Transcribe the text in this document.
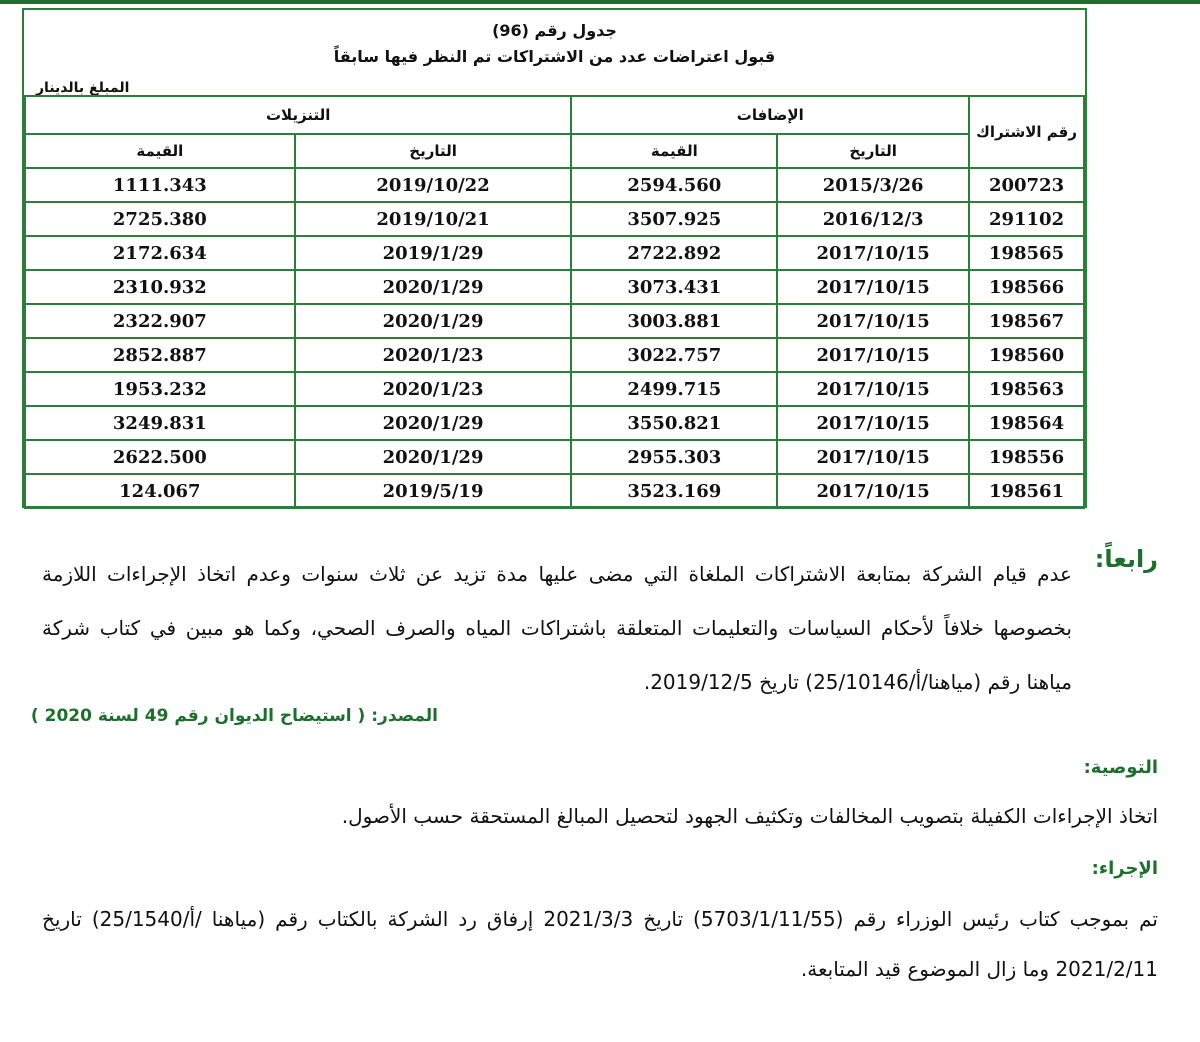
جدول رقم (96)
قبول اعتراضات عدد من الاشتراكات تم النظر فيها سابقاً
المبلغ بالدينار
رقم الاشتراك	الإضافات		التنزيلات	
	التاريخ	القيمة	التاريخ	القيمة
200723	2015/3/26	2594.560	2019/10/22	1111.343
291102	2016/12/3	3507.925	2019/10/21	2725.380
198565	2017/10/15	2722.892	2019/1/29	2172.634
198566	2017/10/15	3073.431	2020/1/29	2310.932
198567	2017/10/15	3003.881	2020/1/29	2322.907
198560	2017/10/15	3022.757	2020/1/23	2852.887
198563	2017/10/15	2499.715	2020/1/23	1953.232
198564	2017/10/15	3550.821	2020/1/29	3249.831
198556	2017/10/15	2955.303	2020/1/29	2622.500
198561	2017/10/15	3523.169	2019/5/19	124.067
رابعاً:
عدم قيام الشركة بمتابعة الاشتراكات الملغاة التي مضى عليها مدة تزيد عن ثلاث سنوات وعدم اتخاذ الإجراءات اللازمة بخصوصها خلافاً لأحكام السياسات والتعليمات المتعلقة باشتراكات المياه والصرف الصحي، وكما هو مبين في كتاب شركة مياهنا رقم (مياهنا/أ/25/10146) تاريخ 2019/12/5.
المصدر: ( استيضاح الديوان رقم 49 لسنة 2020 )
التوصية:
اتخاذ الإجراءات الكفيلة بتصويب المخالفات وتكثيف الجهود لتحصيل المبالغ المستحقة حسب الأصول.
الإجراء:
تم بموجب كتاب رئيس الوزراء رقم (5703/1/11/55) تاريخ 2021/3/3 إرفاق رد الشركة بالكتاب رقم (مياهنا /أ/25/1540) تاريخ 2021/2/11 وما زال الموضوع قيد المتابعة.
